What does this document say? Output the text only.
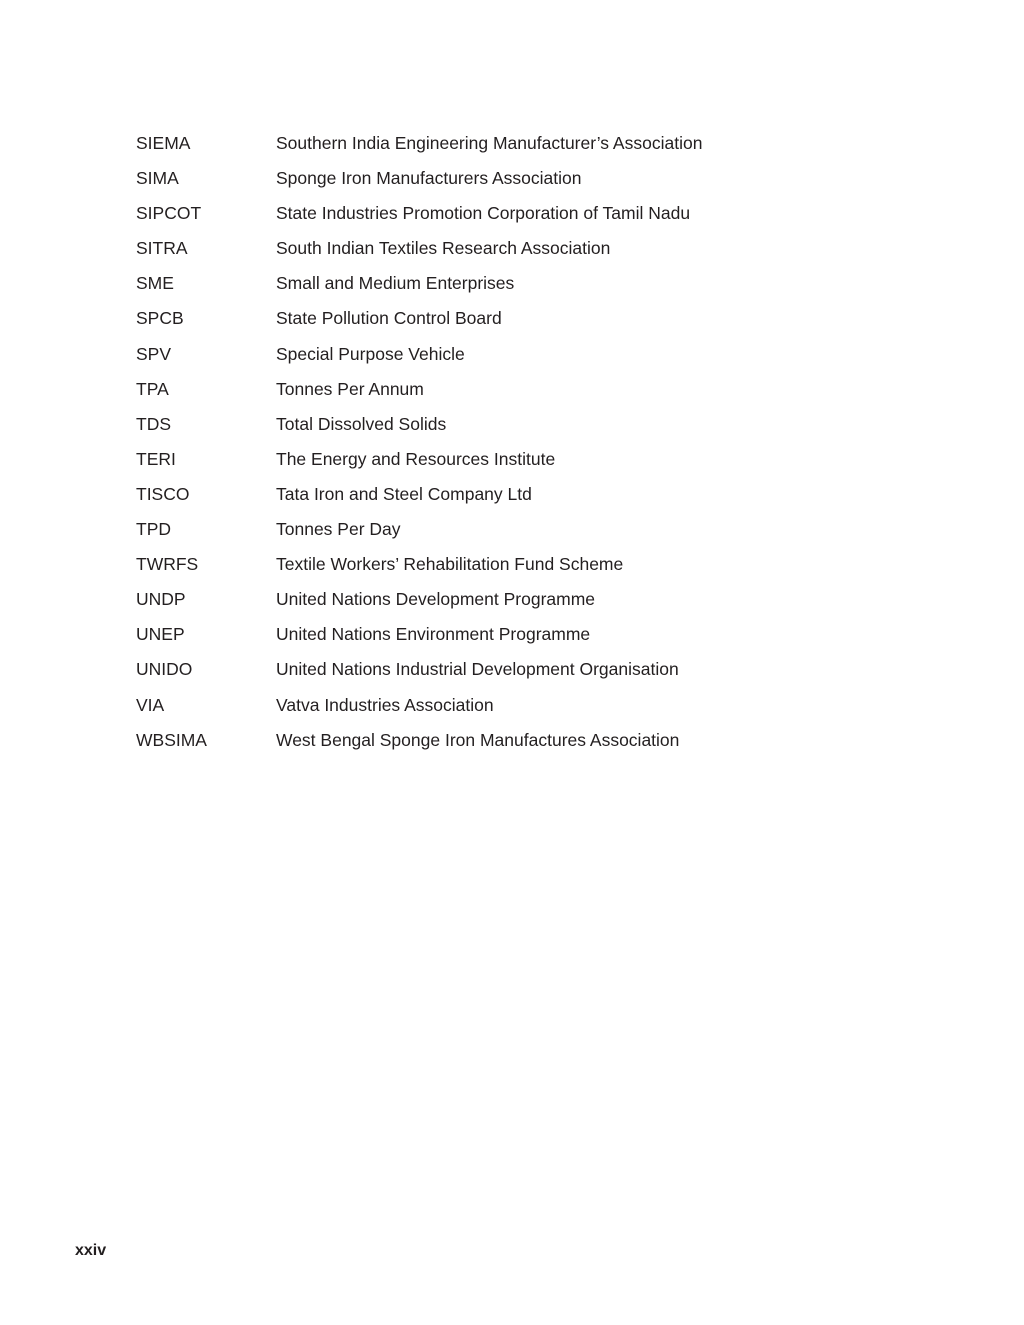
SIEMA	Southern India Engineering Manufacturer’s Association
SIMA	Sponge Iron Manufacturers Association
SIPCOT	State Industries Promotion Corporation of Tamil Nadu
SITRA	South Indian Textiles Research Association
SME	Small and Medium Enterprises
SPCB	State Pollution Control Board
SPV	Special Purpose Vehicle
TPA	Tonnes Per Annum
TDS	Total Dissolved Solids
TERI	The Energy and Resources Institute
TISCO	Tata Iron and Steel Company Ltd
TPD	Tonnes Per Day
TWRFS	Textile Workers’ Rehabilitation Fund Scheme
UNDP	United Nations Development Programme
UNEP	United Nations Environment Programme
UNIDO	United Nations Industrial Development Organisation
VIA	Vatva Industries Association
WBSIMA	West Bengal Sponge Iron Manufactures Association
xxiv
